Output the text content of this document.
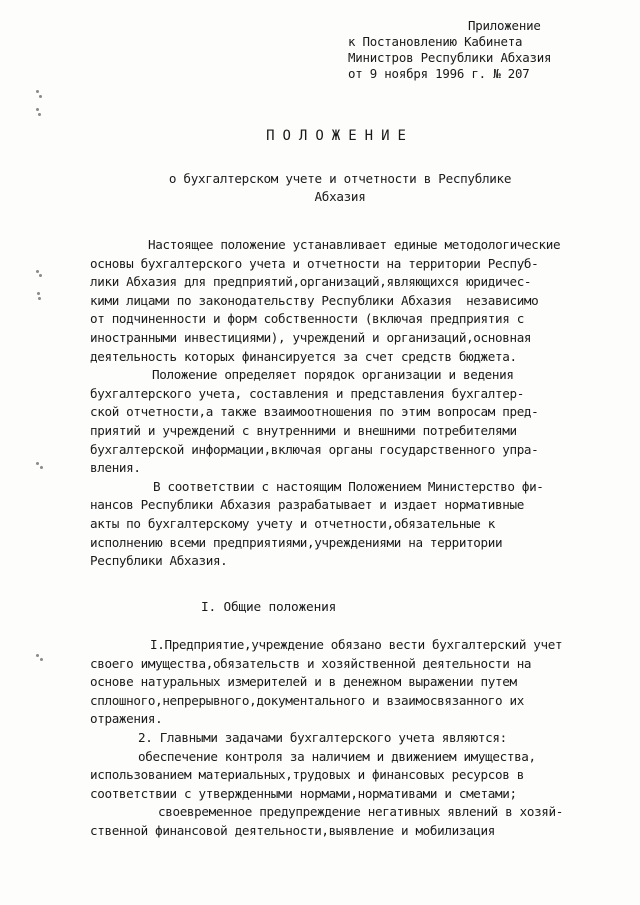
Приложение
к Постановлению Кабинета
Министров Республики Абхазия
от 9 ноября 1996 г. № 207
ПОЛОЖЕНИЕ
о бухгалтерском учете и отчетности в Республике
Абхазия
Настоящее положение устанавливает единые методологические
основы бухгалтерского учета и отчетности на территории Респуб-
лики Абхазия для предприятий,организаций,являющихся юридичес-
кими лицами по законодательству Республики Абхазия  независимо
от подчиненности и форм собственности (включая предприятия с
иностранными инвестициями), учреждений и организаций,основная
деятельность которых финансируется за счет средств бюджета.
Положение определяет порядок организации и ведения
бухгалтерского учета, составления и представления бухгалтер-
ской отчетности,а также взаимоотношения по этим вопросам пред-
приятий и учреждений с внутренними и внешними потребителями
бухгалтерской информации,включая органы государственного упра-
вления.
В соответствии с настоящим Положением Министерство фи-
нансов Республики Абхазия разрабатывает и издает нормативные
акты по бухгалтерскому учету и отчетности,обязательные к
исполнению всеми предприятиями,учреждениями на территории
Республики Абхазия.
I. Общие положения
I.Предприятие,учреждение обязано вести бухгалтерский учет
своего имущества,обязательств и хозяйственной деятельности на
основе натуральных измерителей и в денежном выражении путем
сплошного,непрерывного,документального и взаимосвязанного их
отражения.
2. Главными задачами бухгалтерского учета являются:
обеспечение контроля за наличием и движением имущества,
использованием материальных,трудовых и финансовых ресурсов в
соответствии с утвержденными нормами,нормативами и сметами;
своевременное предупреждение негативных явлений в хозяй-
ственной финансовой деятельности,выявление и мобилизация
